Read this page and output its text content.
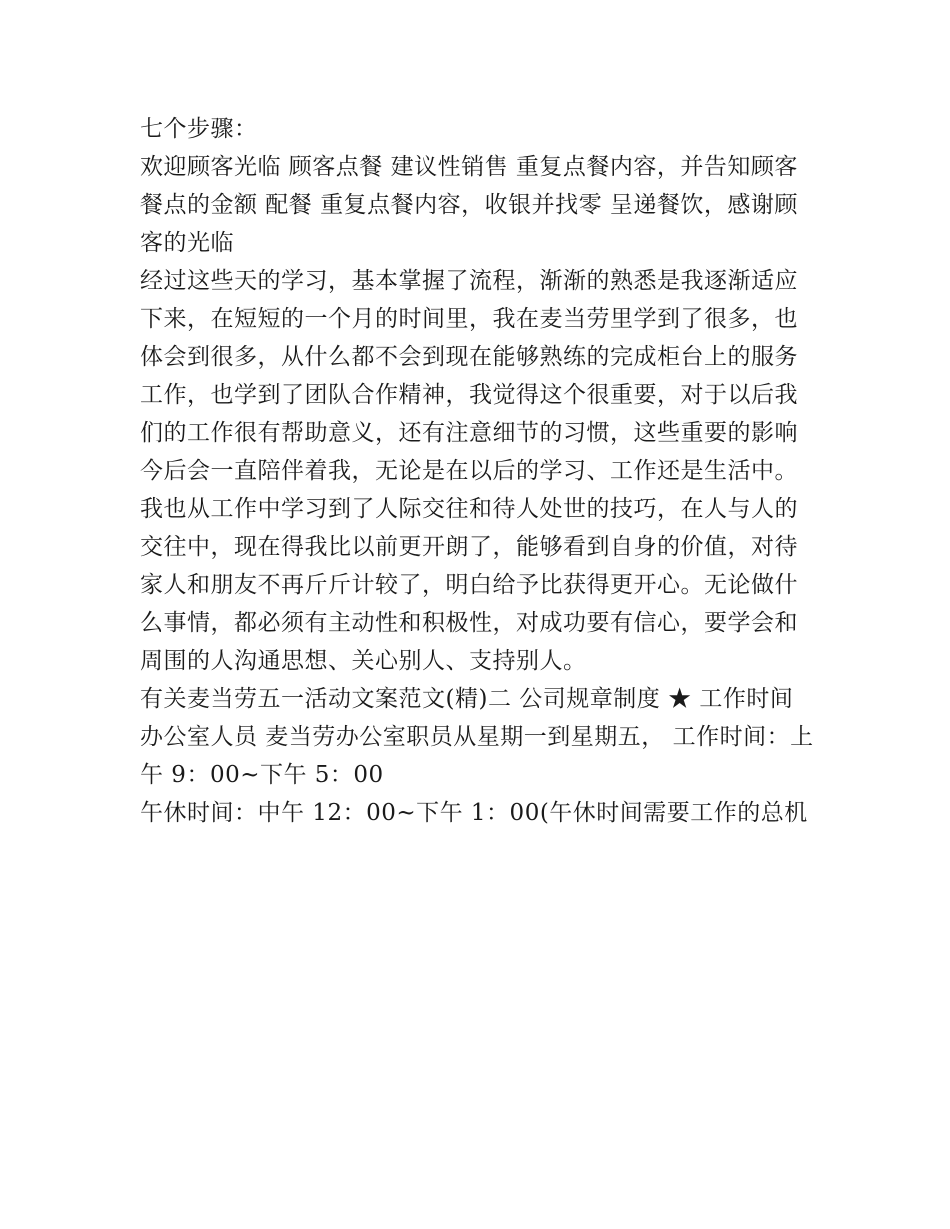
七个步骤：

欢迎顾客光临 顾客点餐 建议性销售 重复点餐内容，并告知顾客餐点的金额 配餐 重复点餐内容，收银并找零 呈递餐饮，感谢顾客的光临

经过这些天的学习，基本掌握了流程，渐渐的熟悉是我逐渐适应下来，在短短的一个月的时间里，我在麦当劳里学到了很多，也体会到很多，从什么都不会到现在能够熟练的完成柜台上的服务工作，也学到了团队合作精神，我觉得这个很重要，对于以后我们的工作很有帮助意义，还有注意细节的习惯，这些重要的影响今后会一直陪伴着我，无论是在以后的学习、工作还是生活中。我也从工作中学习到了人际交往和待人处世的技巧，在人与人的交往中，现在得我比以前更开朗了，能够看到自身的价值，对待家人和朋友不再斤斤计较了，明白给予比获得更开心。无论做什么事情，都必须有主动性和积极性，对成功要有信心，要学会和周围的人沟通思想、关心别人、支持别人。

有关麦当劳五一活动文案范文(精)二 公司规章制度 ★ 工作时间 办公室人员 麦当劳办公室职员从星期一到星期五， 工作时间：上午 9：00~下午 5：00

午休时间：中午 12：00~下午 1：00(午休时间需要工作的总机
